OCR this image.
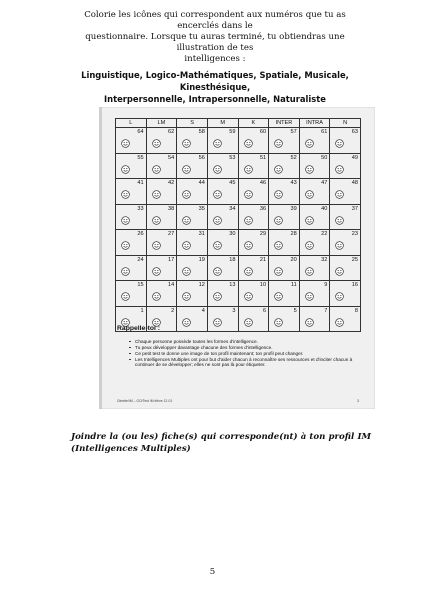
Colorie les icônes qui correspondent aux numéros que tu as encerclés dans le
questionnaire. Lorsque tu auras terminé, tu obtiendras une illustration de tes
intelligences :
Linguistique, Logico-Mathématiques, Spatiale, Musicale, Kinesthésique,
Interpersonnelle, Intrapersonnelle, Naturaliste
L	LM	S	M	K	INTER	INTRA	N

64	62	58	59	60	57	61	63

55	54	56	53	51	52	50	49

41	42	44	45	46	43	47	48

33	38	35	34	36	39	40	37

26	27	31	30	29	28	22	23

24	17	19	18	21	20	32	25

15	14	12	13	10	11	9	16

1	2	4	3	6	5	7	8
Rappelle-toi :
Chaque personne possède toutes les formes d'intelligence.
Tu peux développer davantage chacune des formes d'intelligence.
Ce petit test te donne une image de ton profil maintenant; ton profil peut changer.
Les Intelligences Multiples ont pour but d'aider chacun à reconnaître ses ressources et d'inciter chacun à continuer de se développer; elles ne sont pas là pour étiqueter.
Ginette/IM – GO/Test IM élève 12-01	3
Joindre la (ou les) fiche(s) qui corresponde(nt) à ton profil IM (Intelligences Multiples)
5
